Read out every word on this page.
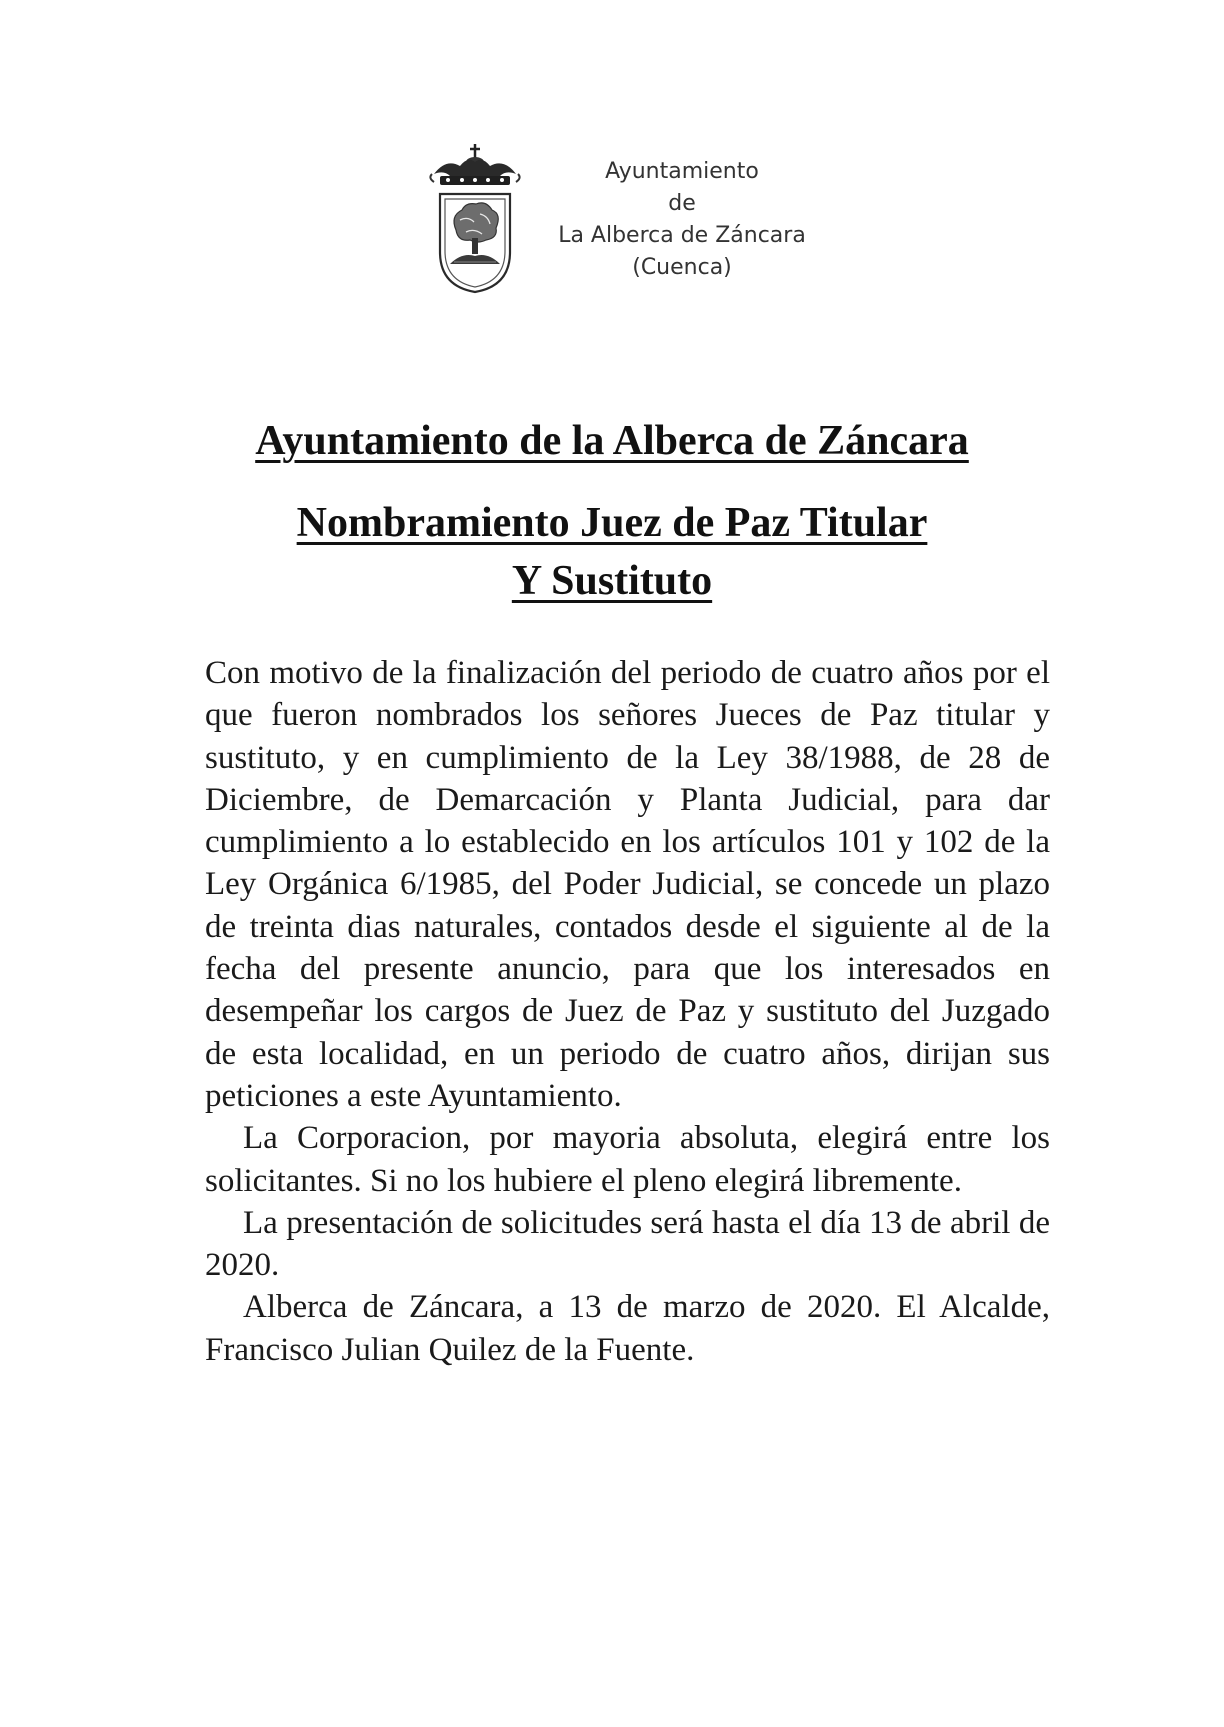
Ayuntamiento
de
La Alberca de Záncara
(Cuenca)
Ayuntamiento de la Alberca de Záncara
Nombramiento Juez de Paz Titular
Y Sustituto

Con motivo de la finalización del periodo de cuatro años por el que fueron nombrados los señores Jueces de Paz titular y sustituto, y en cumplimiento de la Ley 38/1988, de 28 de Diciembre, de Demarcación y Planta Judicial, para dar cumplimiento a lo establecido en los artículos 101 y 102 de la Ley Orgánica 6/1985, del Poder Judicial, se concede un plazo de treinta dias naturales, contados desde el siguiente al de la fecha del presente anuncio, para que los interesados en desempeñar los cargos de Juez de Paz y sustituto del Juzgado de esta localidad, en un periodo de cuatro años, dirijan sus peticiones a este Ayuntamiento.

La Corporacion, por mayoria absoluta, elegirá entre los solicitantes. Si no los hubiere el pleno elegirá libremente.

La presentación de solicitudes será hasta el día 13 de abril de 2020.

Alberca de Záncara, a 13 de marzo de 2020. El Alcalde, Francisco Julian Quilez de la Fuente.
